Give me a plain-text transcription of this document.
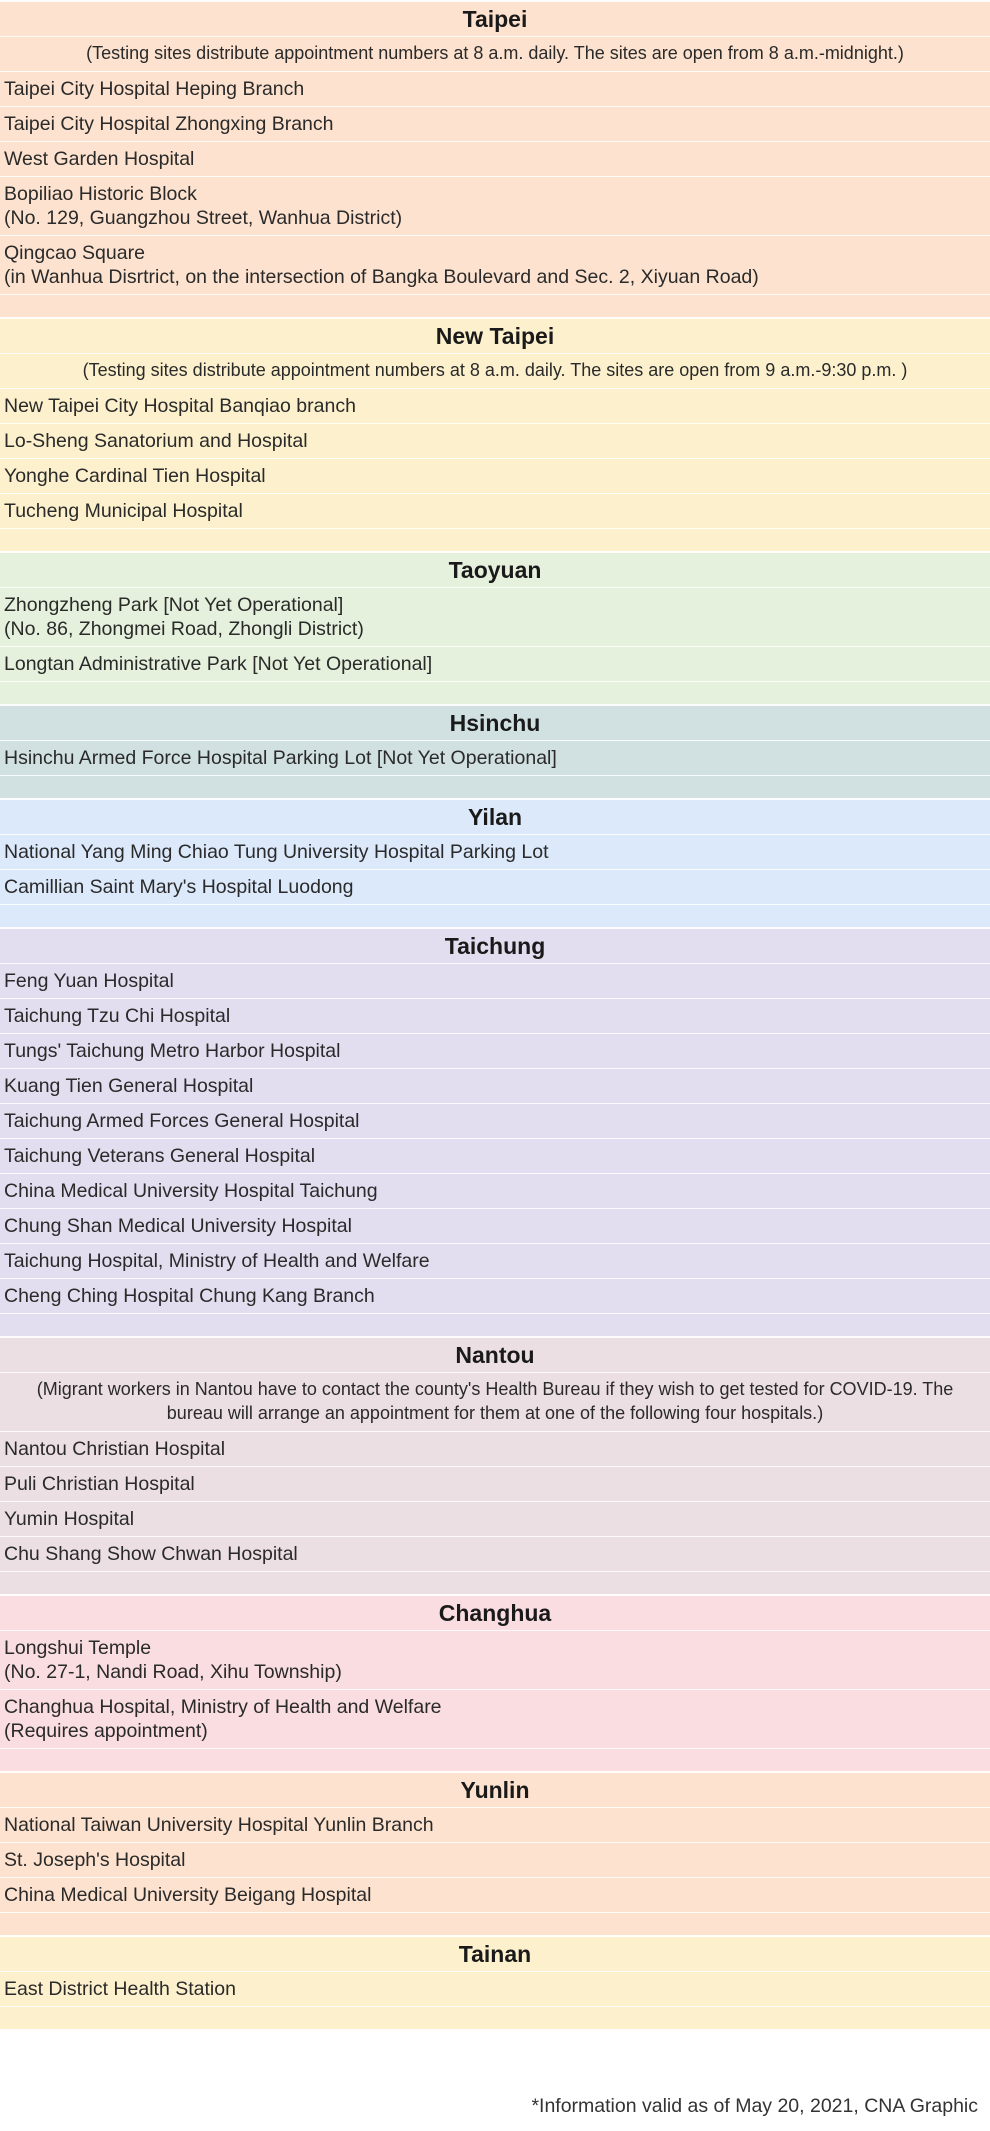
Taipei
(Testing sites distribute appointment numbers at 8 a.m. daily. The sites are open from 8 a.m.-midnight.)
Taipei City Hospital Heping Branch
Taipei City Hospital Zhongxing Branch
West Garden Hospital
Bopiliao Historic Block
(No. 129, Guangzhou Street, Wanhua District)
Qingcao Square
(in Wanhua Disrtrict, on the intersection of Bangka Boulevard and Sec. 2, Xiyuan Road)
New Taipei
(Testing sites distribute appointment numbers at 8 a.m. daily. The sites are open from 9 a.m.-9:30 p.m. )
New Taipei City Hospital Banqiao branch
Lo-Sheng Sanatorium and Hospital
Yonghe Cardinal Tien Hospital
Tucheng Municipal Hospital
Taoyuan
Zhongzheng Park [Not Yet Operational]
(No. 86, Zhongmei Road, Zhongli District)
Longtan Administrative Park [Not Yet Operational]
Hsinchu
Hsinchu Armed Force Hospital Parking Lot [Not Yet Operational]
Yilan
National Yang Ming Chiao Tung University Hospital Parking Lot
Camillian Saint Mary's Hospital Luodong
Taichung
Feng Yuan Hospital
Taichung Tzu Chi Hospital
Tungs' Taichung Metro Harbor Hospital
Kuang Tien General Hospital
Taichung Armed Forces General Hospital
Taichung Veterans General Hospital
China Medical University Hospital Taichung
Chung Shan Medical University Hospital
Taichung Hospital, Ministry of Health and Welfare
Cheng Ching Hospital Chung Kang Branch
Nantou
(Migrant workers in Nantou have to contact the county's Health Bureau if they wish to get tested for COVID-19. The bureau will arrange an appointment for them at one of the following four hospitals.)
Nantou Christian Hospital
Puli Christian Hospital
Yumin Hospital
Chu Shang Show Chwan Hospital
Changhua
Longshui Temple
(No. 27-1, Nandi Road, Xihu Township)
Changhua Hospital, Ministry of Health and Welfare
(Requires appointment)
Yunlin
National Taiwan University Hospital Yunlin Branch
St. Joseph's Hospital
China Medical University Beigang Hospital
Tainan
East District Health Station
*Information valid as of May 20, 2021, CNA Graphic
